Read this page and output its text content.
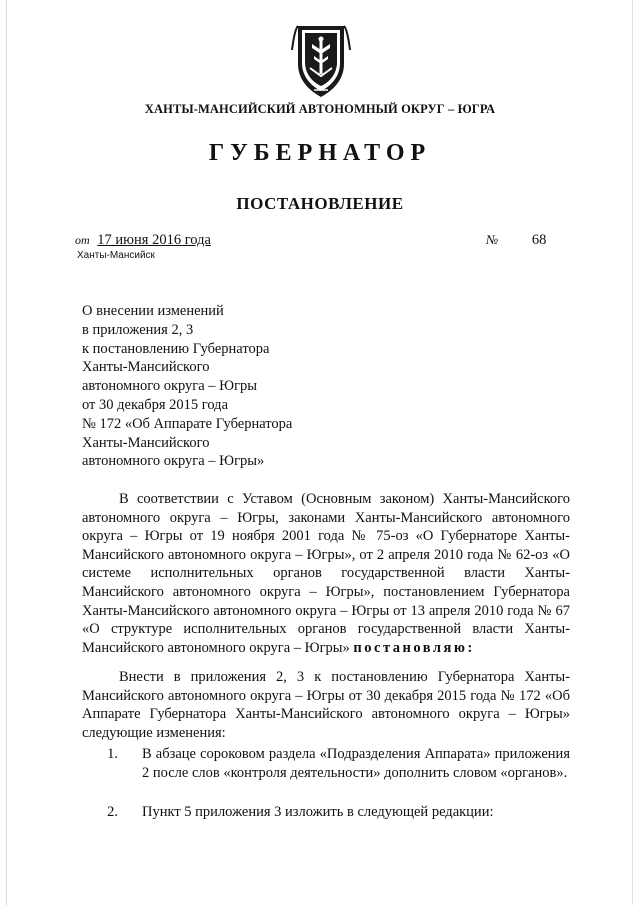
ХАНТЫ-МАНСИЙСКИЙ АВТОНОМНЫЙ ОКРУГ – ЮГРА
ГУБЕРНАТОР
ПОСТАНОВЛЕНИЕ
от 17 июня 2016 года	№ 68
Ханты-Мансийск
О внесении изменений
в приложения 2, 3
к постановлению Губернатора
Ханты-Мансийского
автономного округа – Югры
от 30 декабря 2015 года
№ 172 «Об Аппарате Губернатора
Ханты-Мансийского
автономного округа – Югры»
В соответствии с Уставом (Основным законом) Ханты-Мансийского автономного округа – Югры, законами Ханты-Мансийского автономного округа – Югры от 19 ноября 2001 года № 75-оз «О Губернаторе Ханты-Мансийского автономного округа – Югры», от 2 апреля 2010 года № 62-оз «О системе исполнительных органов государственной власти Ханты-Мансийского автономного округа – Югры», постановлением Губернатора Ханты-Мансийского автономного округа – Югры от 13 апреля 2010 года № 67 «О структуре исполнительных органов государственной власти Ханты-Мансийского автономного округа – Югры» постановляю:
Внести в приложения 2, 3 к постановлению Губернатора Ханты-Мансийского автономного округа – Югры от 30 декабря 2015 года № 172 «Об Аппарате Губернатора Ханты-Мансийского автономного округа – Югры» следующие изменения:
1.	В абзаце сороковом раздела «Подразделения Аппарата» приложения 2 после слов «контроля деятельности» дополнить словом «органов».
2.	Пункт 5 приложения 3 изложить в следующей редакции:
